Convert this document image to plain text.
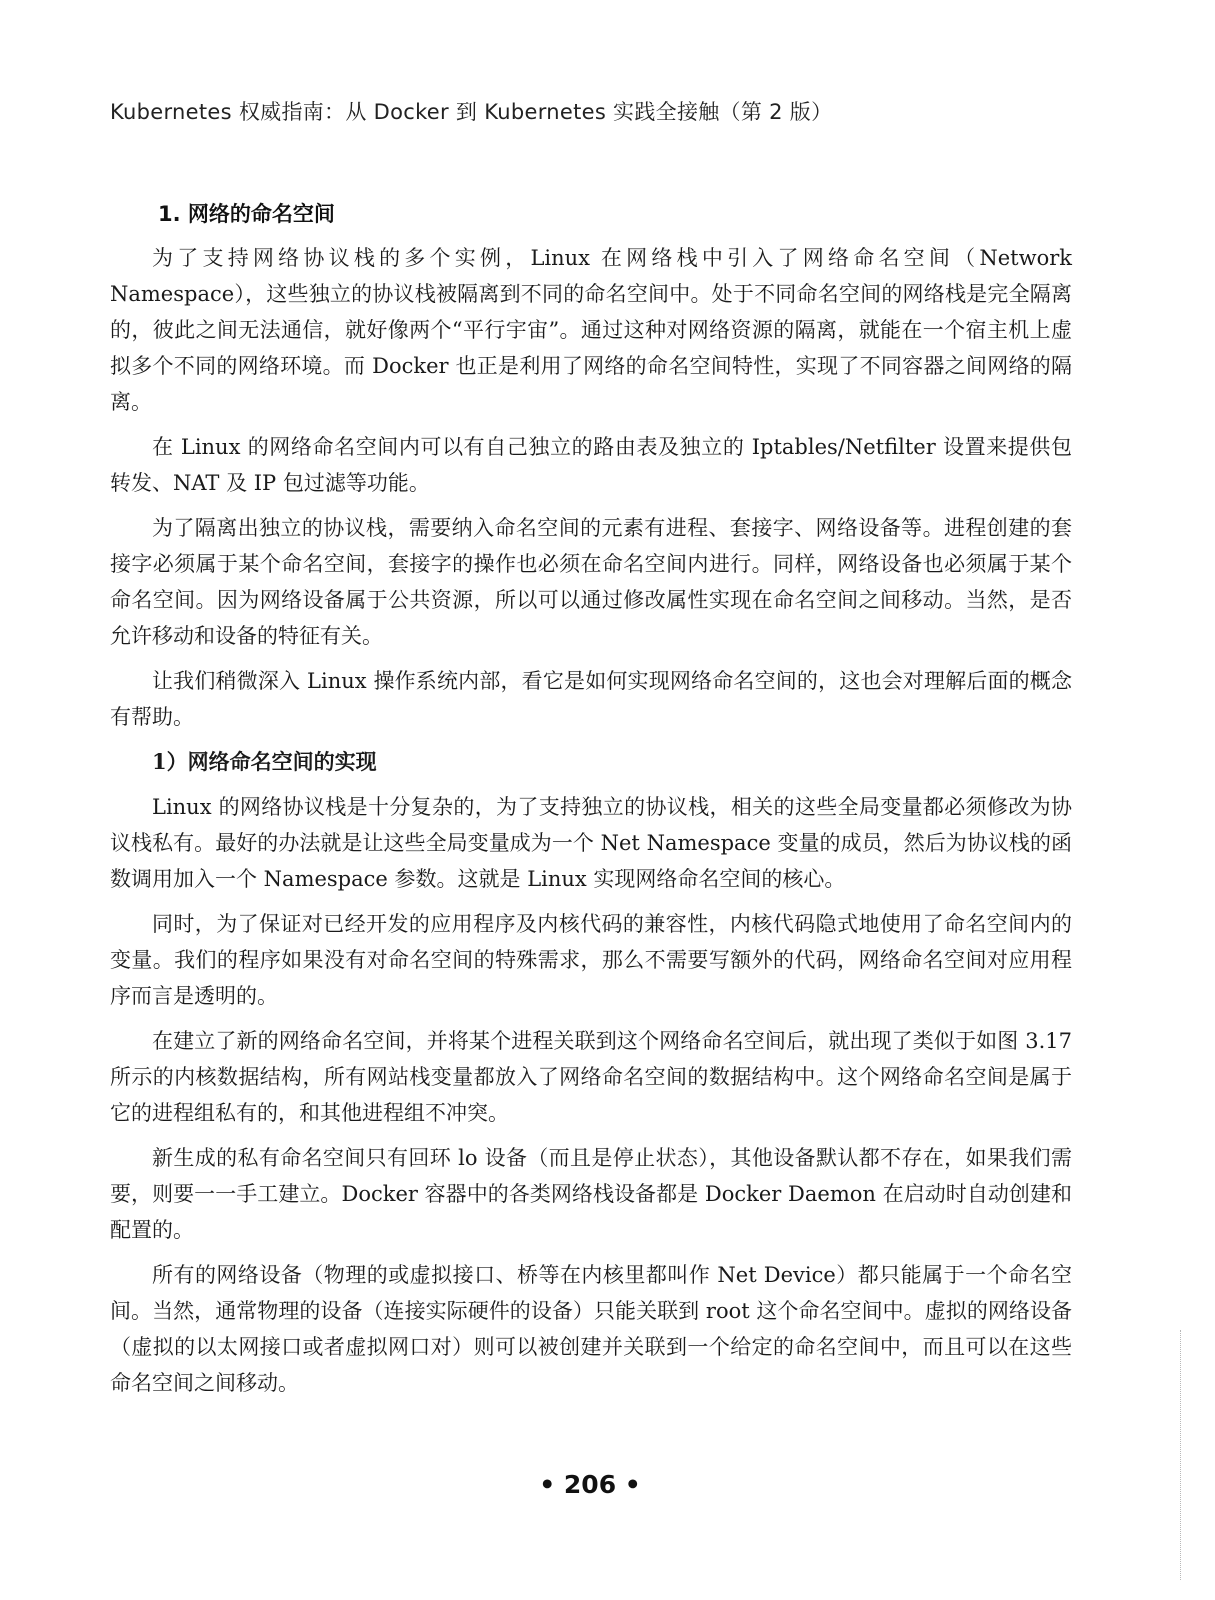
Kubernetes 权威指南：从 Docker 到 Kubernetes 实践全接触（第 2 版）
1. 网络的命名空间

为了支持网络协议栈的多个实例，Linux 在网络栈中引入了网络命名空间（Network Namespace），这些独立的协议栈被隔离到不同的命名空间中。处于不同命名空间的网络栈是完全隔离的，彼此之间无法通信，就好像两个“平行宇宙”。通过这种对网络资源的隔离，就能在一个宿主机上虚拟多个不同的网络环境。而 Docker 也正是利用了网络的命名空间特性，实现了不同容器之间网络的隔离。

在 Linux 的网络命名空间内可以有自己独立的路由表及独立的 Iptables/Netfilter 设置来提供包转发、NAT 及 IP 包过滤等功能。

为了隔离出独立的协议栈，需要纳入命名空间的元素有进程、套接字、网络设备等。进程创建的套接字必须属于某个命名空间，套接字的操作也必须在命名空间内进行。同样，网络设备也必须属于某个命名空间。因为网络设备属于公共资源，所以可以通过修改属性实现在命名空间之间移动。当然，是否允许移动和设备的特征有关。

让我们稍微深入 Linux 操作系统内部，看它是如何实现网络命名空间的，这也会对理解后面的概念有帮助。

1）网络命名空间的实现

Linux 的网络协议栈是十分复杂的，为了支持独立的协议栈，相关的这些全局变量都必须修改为协议栈私有。最好的办法就是让这些全局变量成为一个 Net Namespace 变量的成员，然后为协议栈的函数调用加入一个 Namespace 参数。这就是 Linux 实现网络命名空间的核心。

同时，为了保证对已经开发的应用程序及内核代码的兼容性，内核代码隐式地使用了命名空间内的变量。我们的程序如果没有对命名空间的特殊需求，那么不需要写额外的代码，网络命名空间对应用程序而言是透明的。

在建立了新的网络命名空间，并将某个进程关联到这个网络命名空间后，就出现了类似于如图 3.17 所示的内核数据结构，所有网站栈变量都放入了网络命名空间的数据结构中。这个网络命名空间是属于它的进程组私有的，和其他进程组不冲突。

新生成的私有命名空间只有回环 lo 设备（而且是停止状态），其他设备默认都不存在，如果我们需要，则要一一手工建立。Docker 容器中的各类网络栈设备都是 Docker Daemon 在启动时自动创建和配置的。

所有的网络设备（物理的或虚拟接口、桥等在内核里都叫作 Net Device）都只能属于一个命名空间。当然，通常物理的设备（连接实际硬件的设备）只能关联到 root 这个命名空间中。虚拟的网络设备（虚拟的以太网接口或者虚拟网口对）则可以被创建并关联到一个给定的命名空间中，而且可以在这些命名空间之间移动。

• 206 •
